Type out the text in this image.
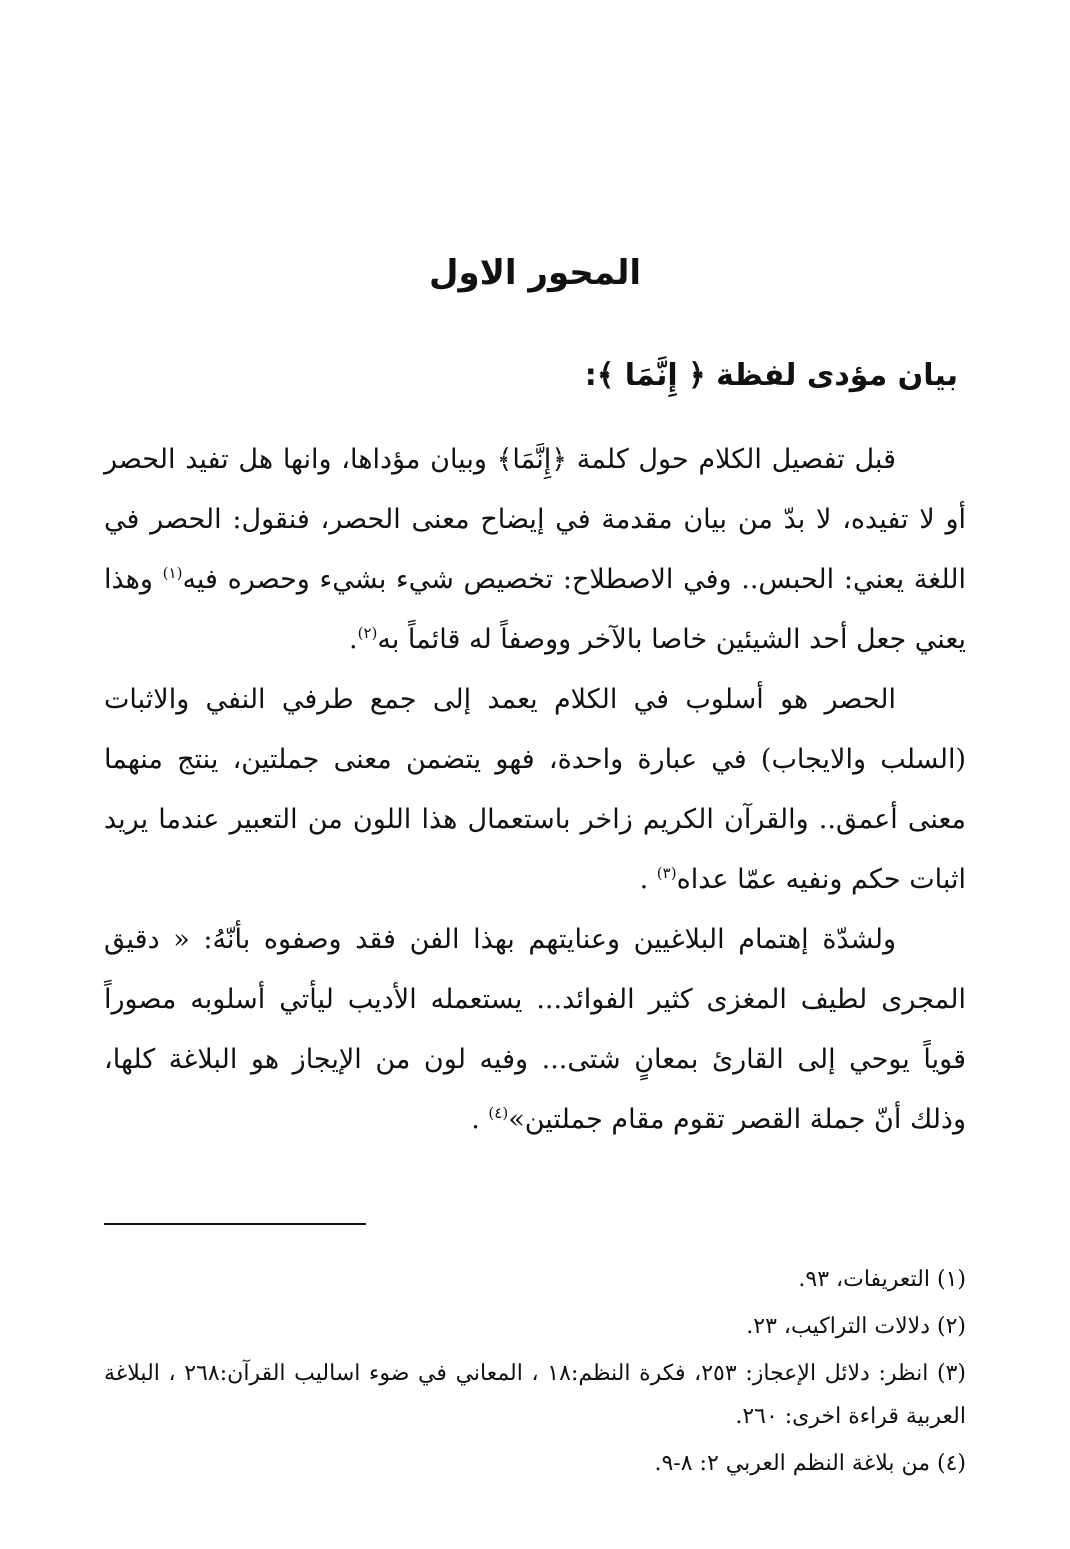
المحور الاول
بيان مؤدى لفظة ﴿ إِنَّمَا ﴾:

قبل تفصيل الكلام حول كلمة ﴿إِنَّمَا﴾ وبيان مؤداها، وانها هل تفيد الحصر أو لا تفيده، لا بدّ من بيان مقدمة في إيضاح معنى الحصر، فنقول: الحصر في اللغة يعني: الحبس.. وفي الاصطلاح: تخصيص شيء بشيء وحصره فيه$^{(١)}$ وهذا يعني جعل أحد الشيئين خاصا بالآخر ووصفاً له قائماً به$^{(٢)}$.

الحصر هو أسلوب في الكلام يعمد إلى جمع طرفي النفي والاثبات (السلب والايجاب) في عبارة واحدة، فهو يتضمن معنى جملتين، ينتج منهما معنى أعمق.. والقرآن الكريم زاخر باستعمال هذا اللون من التعبير عندما يريد اثبات حكم ونفيه عمّا عداه$^{(٣)}$ .

ولشدّة إهتمام البلاغيين وعنايتهم بهذا الفن فقد وصفوه بأنّهُ: « دقيق المجرى لطيف المغزى كثير الفوائد... يستعمله الأديب ليأتي أسلوبه مصوراً قوياً يوحي إلى القارئ بمعانٍ شتى... وفيه لون من الإيجاز هو البلاغة كلها، وذلك أنّ جملة القصر تقوم مقام جملتين»$^{(٤)}$ .

(١) التعريفات، ٩٣.

(٢) دلالات التراكيب، ٢٣.

(٣) انظر: دلائل الإعجاز: ٢٥٣، فكرة النظم:١٨ ، المعاني في ضوء اساليب القرآن:٢٦٨ ، البلاغة العربية قراءة اخرى: ٢٦٠.

(٤) من بلاغة النظم العربي ٢: ٨-٩.
